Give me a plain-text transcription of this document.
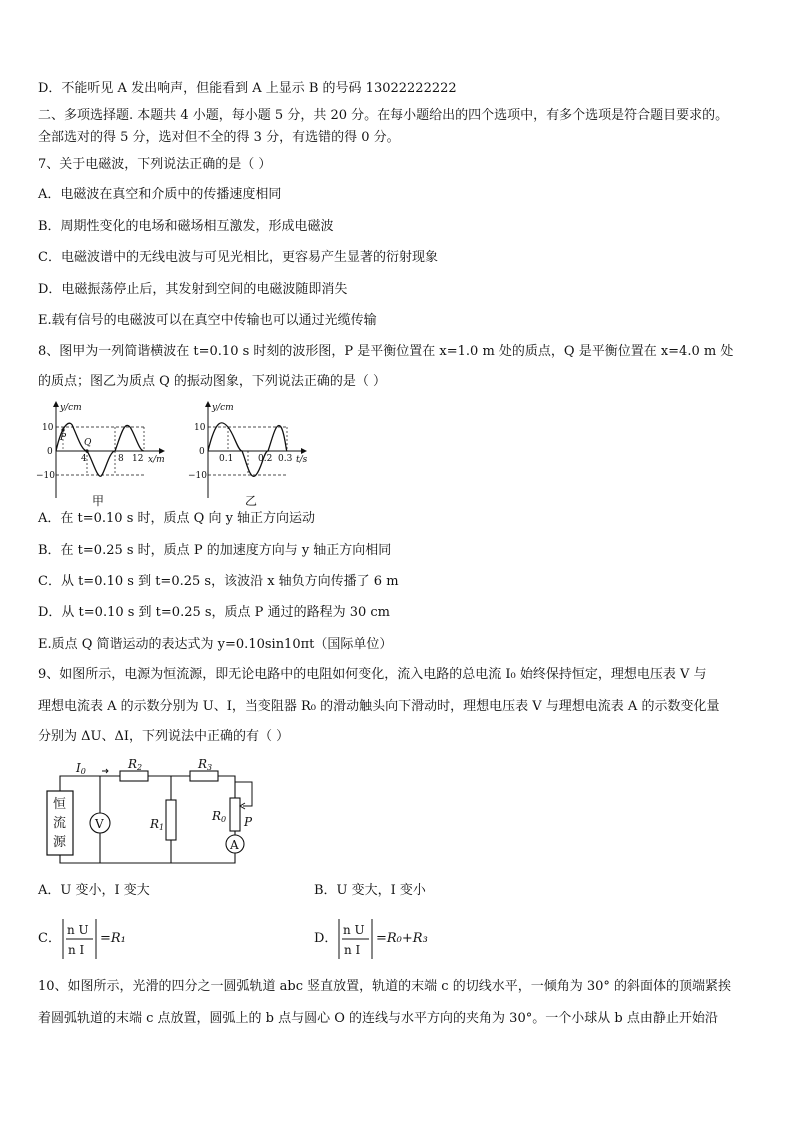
D．不能听见 A 发出响声，但能看到 A 上显示 B 的号码 13022222222
二、多项选择题. 本题共 4 小题，每小题 5 分，共 20 分。在每小题给出的四个选项中，有多个选项是符合题目要求的。
全部选对的得 5 分，选对但不全的得 3 分，有选错的得 0 分。
7、关于电磁波，下列说法正确的是（ ）
A．电磁波在真空和介质中的传播速度相同
B．周期性变化的电场和磁场相互激发，形成电磁波
C．电磁波谱中的无线电波与可见光相比，更容易产生显著的衍射现象
D．电磁振荡停止后，其发射到空间的电磁波随即消失
E.载有信号的电磁波可以在真空中传输也可以通过光缆传输
8、图甲为一列简谐横波在 t=0.10 s 时刻的波形图，P 是平衡位置在 x=1.0 m 处的质点，Q 是平衡位置在 x=4.0 m 处
的质点；图乙为质点 Q 的振动图象，下列说法正确的是（ ）
y/cm
x/m
10
0
−10
4	8 12
P Q
甲
y/cm
t/s
10
0
−10
0.1	0.2 0.3
乙
A．在 t=0.10 s 时，质点 Q 向 y 轴正方向运动
B．在 t=0.25 s 时，质点 P 的加速度方向与 y 轴正方向相同
C．从 t=0.10 s 到 t=0.25 s，该波沿 x 轴负方向传播了 6 m
D．从 t=0.10 s 到 t=0.25 s，质点 P 通过的路程为 30 cm
E.质点 Q 简谐运动的表达式为 y=0.10sin10πt（国际单位）
9、如图所示，电源为恒流源，即无论电路中的电阻如何变化，流入电路的总电流 I₀ 始终保持恒定，理想电压表 V 与
理想电流表 A 的示数分别为 U、I，当变阻器 R₀ 的滑动触头向下滑动时，理想电压表 V 与理想电流表 A 的示数变化量
分别为 ΔU、ΔI，下列说法中正确的有（ ）
恒
流
源
V
I0
R2	R3
R1
R0 P
A
A．U 变小，I 变大	B．U 变大，I 变小
C．
n U
n I
=R₁	D．
n U
n I
=R₀+R₃
10、如图所示，光滑的四分之一圆弧轨道 abc 竖直放置，轨道的末端 c 的切线水平，一倾角为 30° 的斜面体的顶端紧挨
着圆弧轨道的末端 c 点放置，圆弧上的 b 点与圆心 O 的连线与水平方向的夹角为 30°。一个小球从 b 点由静止开始沿
